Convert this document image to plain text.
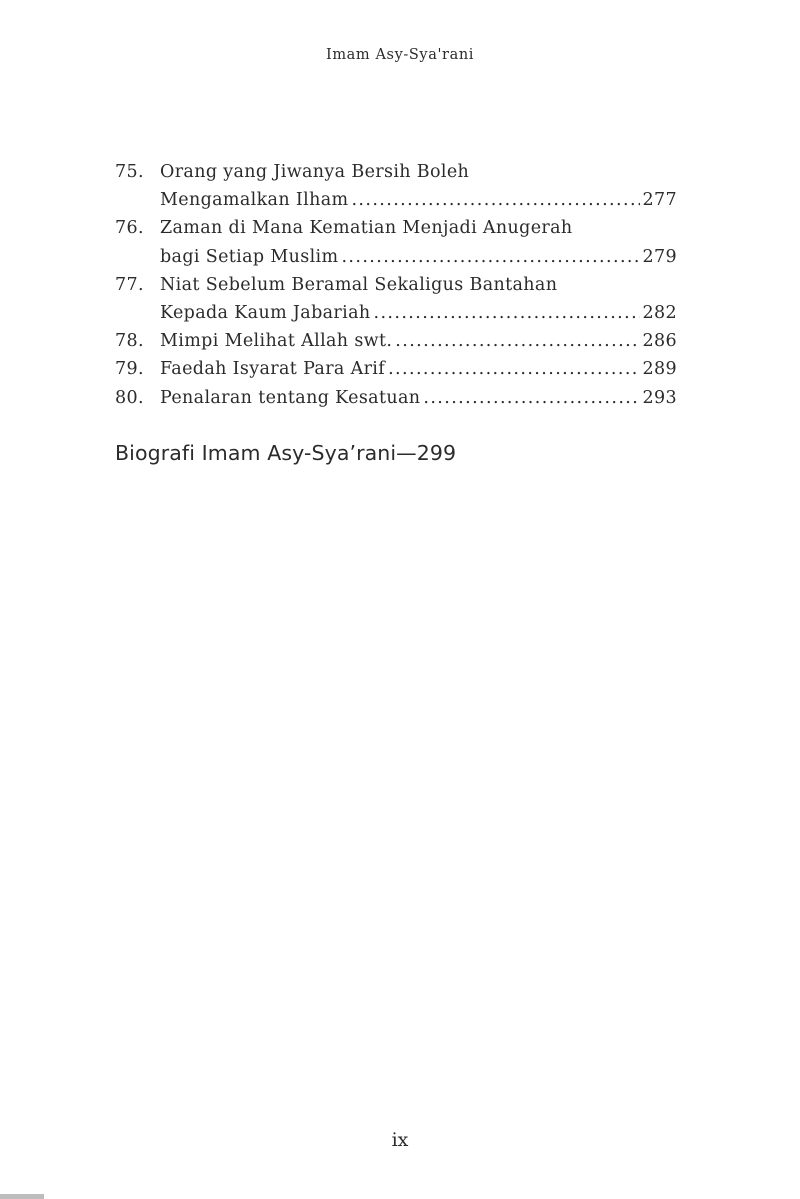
Imam Asy-Sya'rani
75. Orang yang Jiwanya Bersih Boleh
Mengamalkan Ilham .....	277
76. Zaman di Mana Kematian Menjadi Anugerah
bagi Setiap Muslim .....	279
77. Niat Sebelum Beramal Sekaligus Bantahan
Kepada Kaum Jabariah .....	282
78. Mimpi Melihat Allah swt. .....	286
79. Faedah Isyarat Para Arif .....	289
80. Penalaran tentang Kesatuan .....	293
Biografi Imam Asy-Sya’rani—299
ix
